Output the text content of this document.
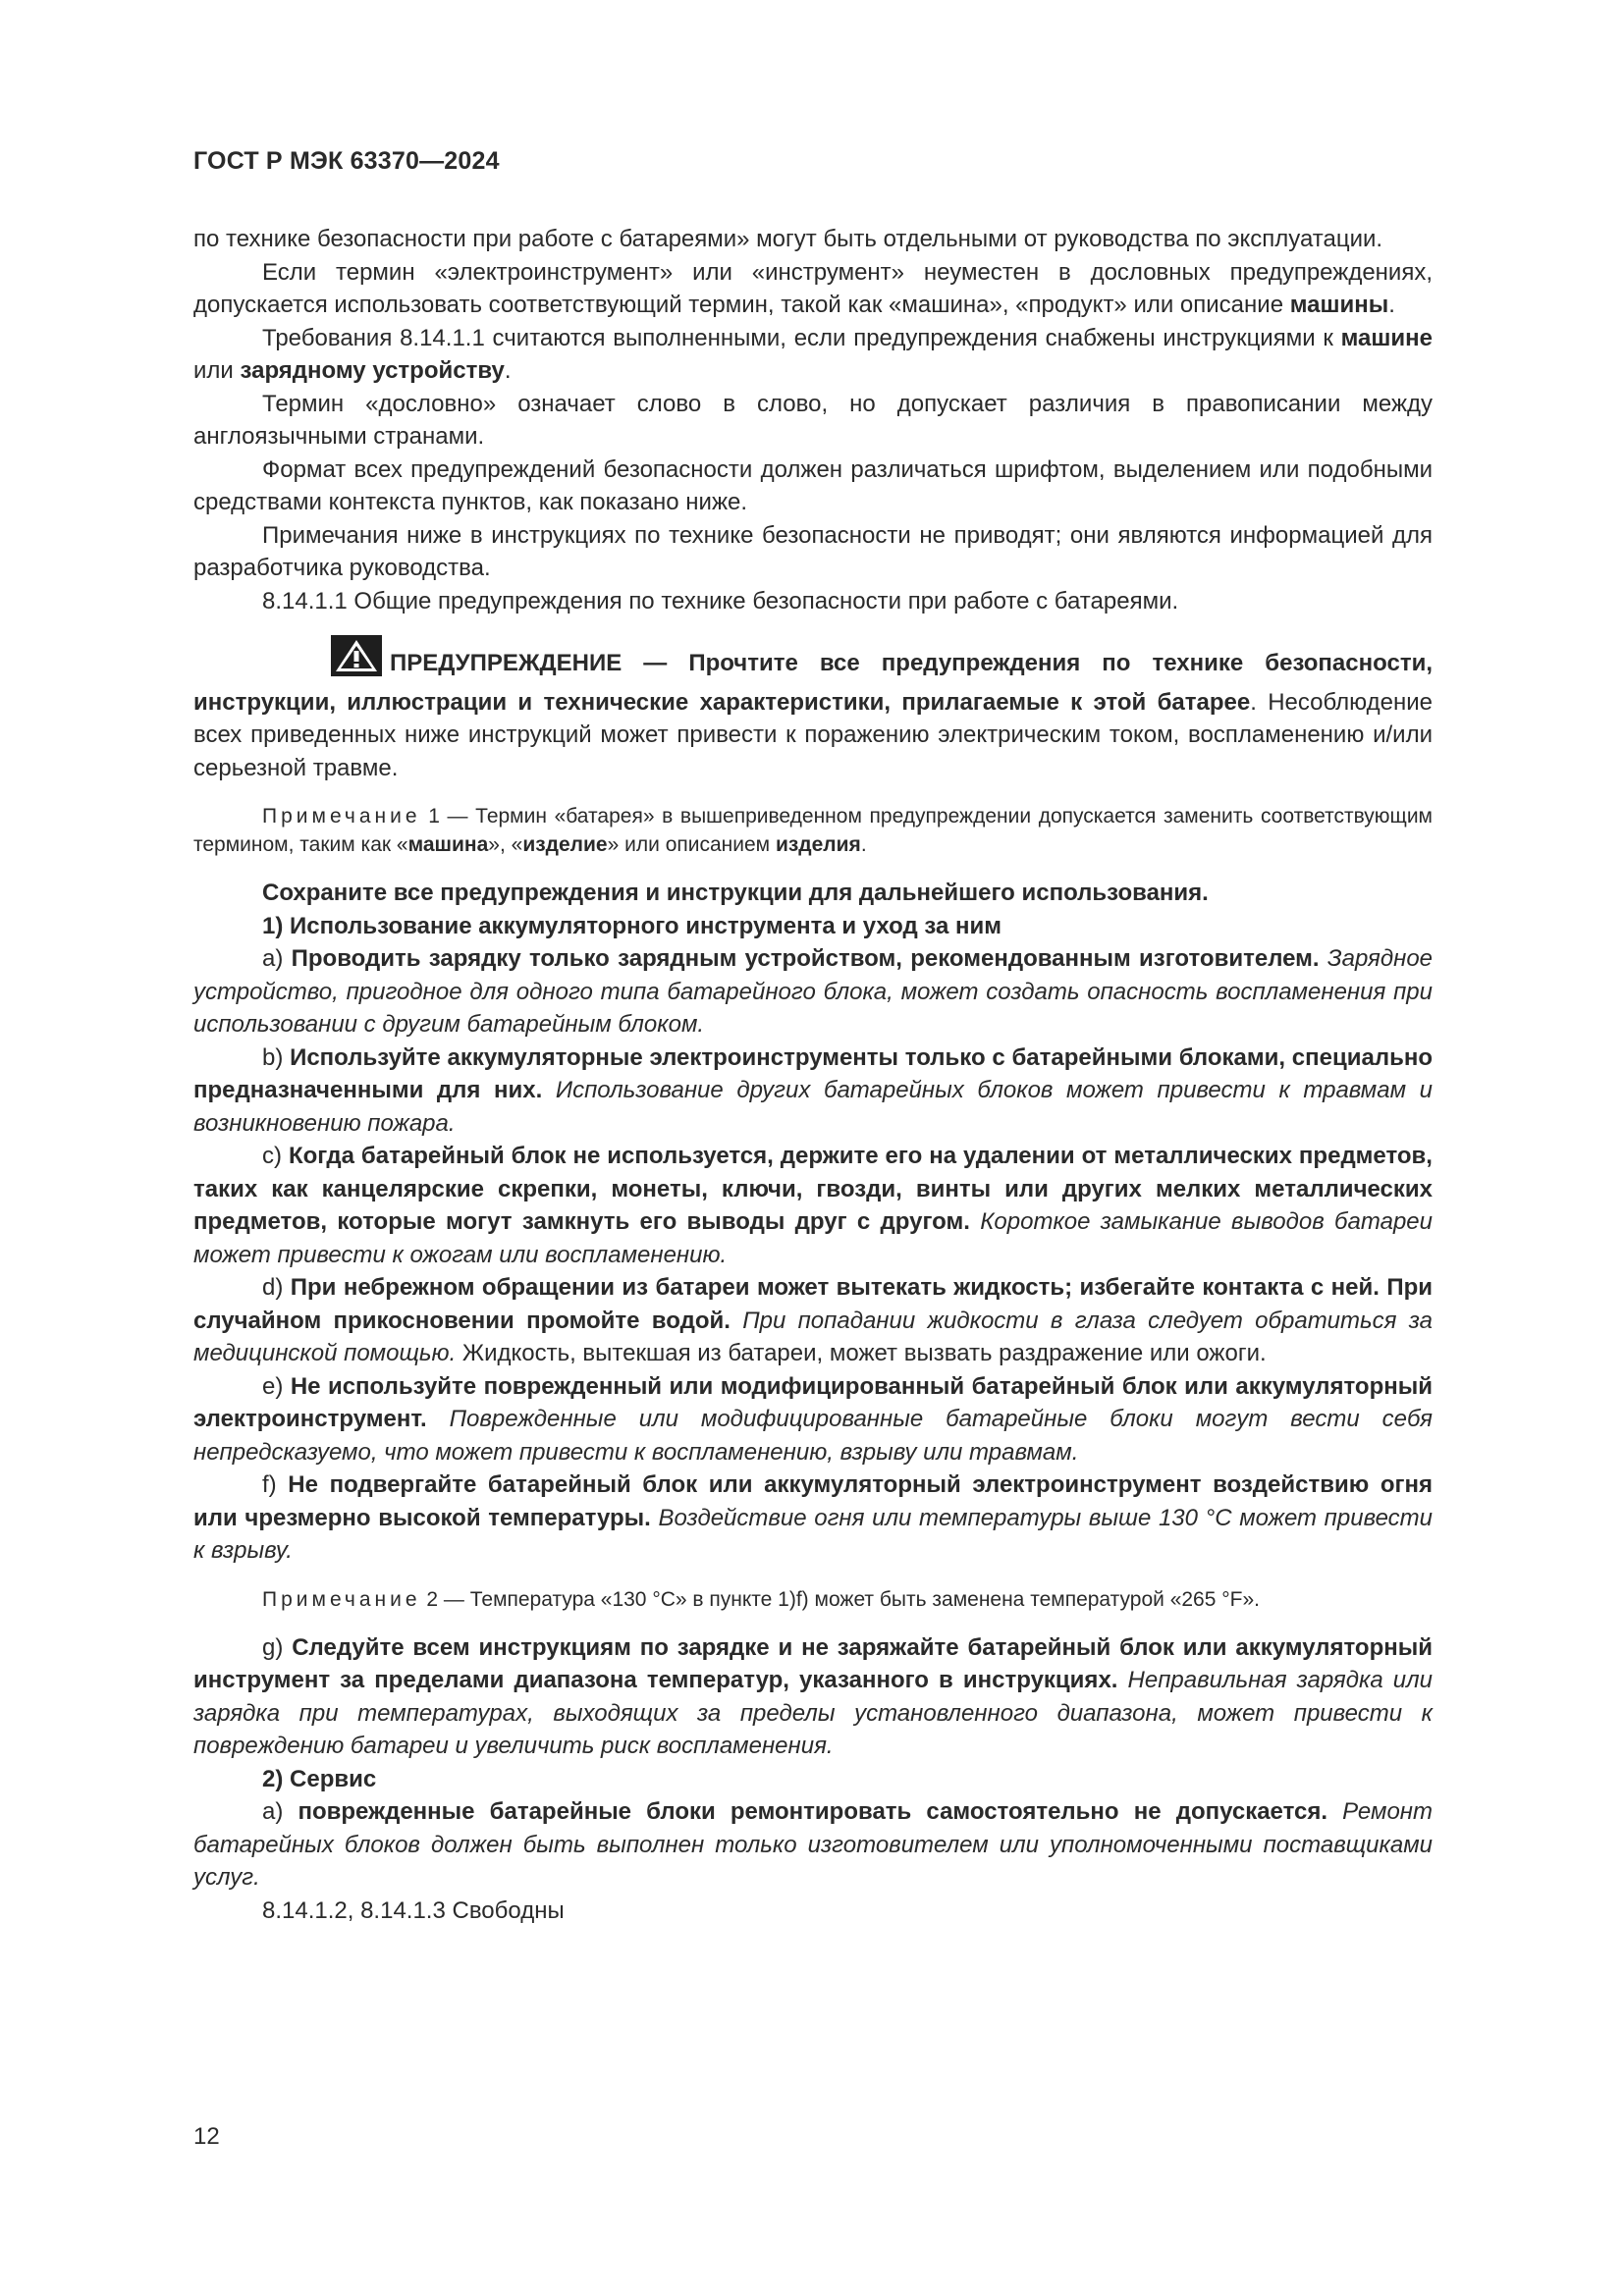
ГОСТ Р МЭК 63370—2024

по технике безопасности при работе с батареями» могут быть отдельными от руководства по эксплуатации.

Если термин «электроинструмент» или «инструмент» неуместен в дословных предупреждениях, допускается использовать соответствующий термин, такой как «машина», «продукт» или описание машины.

Требования 8.14.1.1 считаются выполненными, если предупреждения снабжены инструкциями к машине или зарядному устройству.

Термин «дословно» означает слово в слово, но допускает различия в правописании между англоязычными странами.

Формат всех предупреждений безопасности должен различаться шрифтом, выделением или подобными средствами контекста пунктов, как показано ниже.

Примечания ниже в инструкциях по технике безопасности не приводят; они являются информацией для разработчика руководства.

8.14.1.1 Общие предупреждения по технике безопасности при работе с батареями.

ПРЕДУПРЕЖДЕНИЕ — Прочтите все предупреждения по технике безопасности, инструкции, иллюстрации и технические характеристики, прилагаемые к этой батарее. Несоблюдение всех приведенных ниже инструкций может привести к поражению электрическим током, воспламенению и/или серьезной травме.

Примечание 1 — Термин «батарея» в вышеприведенном предупреждении допускается заменить соответствующим термином, таким как «машина», «изделие» или описанием изделия.

Сохраните все предупреждения и инструкции для дальнейшего использования.

1) Использование аккумуляторного инструмента и уход за ним

a) Проводить зарядку только зарядным устройством, рекомендованным изготовителем. Зарядное устройство, пригодное для одного типа батарейного блока, может создать опасность воспламенения при использовании с другим батарейным блоком.

b) Используйте аккумуляторные электроинструменты только с батарейными блоками, специально предназначенными для них. Использование других батарейных блоков может привести к травмам и возникновению пожара.

c) Когда батарейный блок не используется, держите его на удалении от металлических предметов, таких как канцелярские скрепки, монеты, ключи, гвозди, винты или других мелких металлических предметов, которые могут замкнуть его выводы друг с другом. Короткое замыкание выводов батареи может привести к ожогам или воспламенению.

d) При небрежном обращении из батареи может вытекать жидкость; избегайте контакта с ней. При случайном прикосновении промойте водой. При попадании жидкости в глаза следует обратиться за медицинской помощью. Жидкость, вытекшая из батареи, может вызвать раздражение или ожоги.

e) Не используйте поврежденный или модифицированный батарейный блок или аккумуляторный электроинструмент. Поврежденные или модифицированные батарейные блоки могут вести себя непредсказуемо, что может привести к воспламенению, взрыву или травмам.

f) Не подвергайте батарейный блок или аккумуляторный электроинструмент воздействию огня или чрезмерно высокой температуры. Воздействие огня или температуры выше 130 °C может привести к взрыву.

Примечание 2 — Температура «130 °C» в пункте 1)f) может быть заменена температурой «265 °F».

g) Следуйте всем инструкциям по зарядке и не заряжайте батарейный блок или аккумуляторный инструмент за пределами диапазона температур, указанного в инструкциях. Неправильная зарядка или зарядка при температурах, выходящих за пределы установленного диапазона, может привести к повреждению батареи и увеличить риск воспламенения.

2) Сервис

a) поврежденные батарейные блоки ремонтировать самостоятельно не допускается. Ремонт батарейных блоков должен быть выполнен только изготовителем или уполномоченными поставщиками услуг.

8.14.1.2, 8.14.1.3 Свободны

12
